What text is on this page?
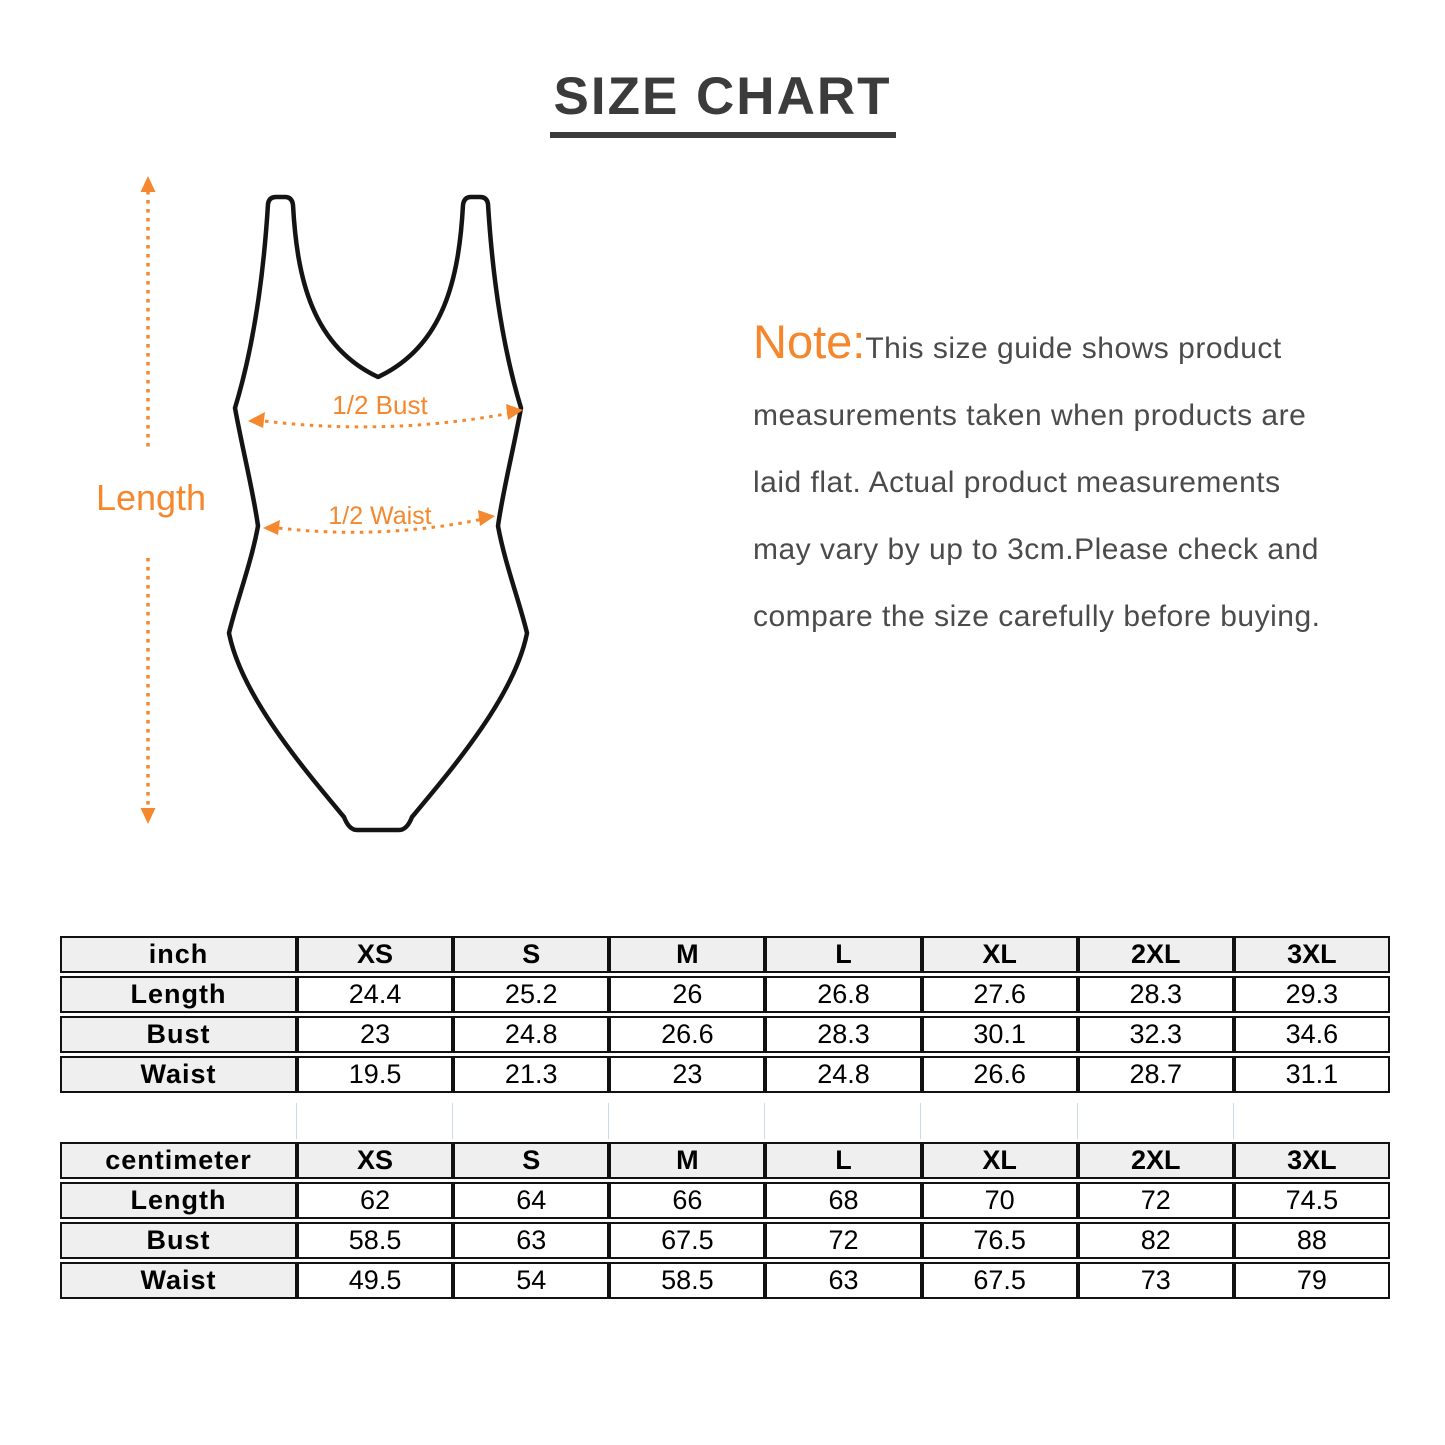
SIZE CHART
Length
1/2 Bust
1/2 Waist
Note:This size guide shows product
measurements taken when products are
laid flat. Actual product measurements
may vary by up to 3cm.Please check and
compare the size carefully before buying.
inch	XS	S	M	L	XL	2XL	3XL
Length	24.4	25.2	26	26.8	27.6	28.3	29.3
Bust	23	24.8	26.6	28.3	30.1	32.3	34.6
Waist	19.5	21.3	23	24.8	26.6	28.7	31.1
centimeter	XS	S	M	L	XL	2XL	3XL
Length	62	64	66	68	70	72	74.5
Bust	58.5	63	67.5	72	76.5	82	88
Waist	49.5	54	58.5	63	67.5	73	79
